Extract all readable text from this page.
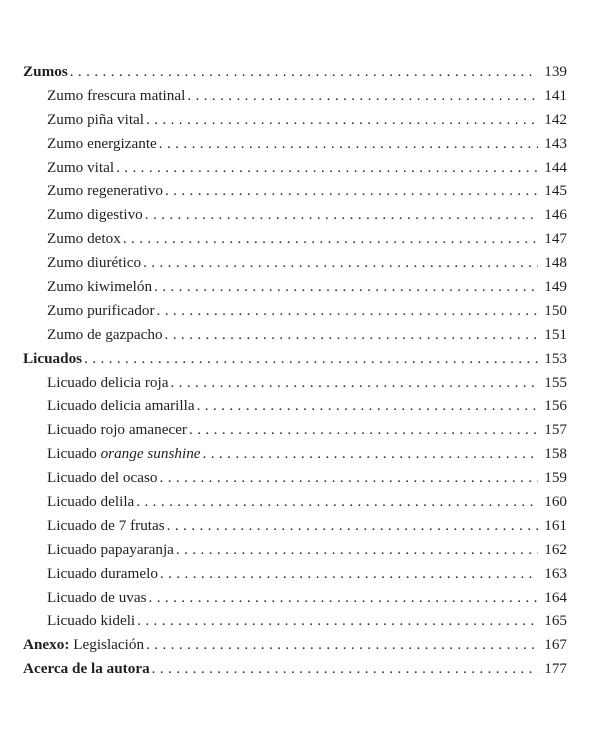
Zumos . . .	139
Zumo frescura matinal . . .	141
Zumo piña vital . . .	142
Zumo energizante . . .	143
Zumo vital . . .	144
Zumo regenerativo . . .	145
Zumo digestivo . . .	146
Zumo detox . . .	147
Zumo diurético . . .	148
Zumo kiwimelón . . .	149
Zumo purificador . . .	150
Zumo de gazpacho . . .	151
Licuados . . .	153
Licuado delicia roja . . .	155
Licuado delicia amarilla . . .	156
Licuado rojo amanecer . . .	157
Licuado orange sunshine . . .	158
Licuado del ocaso . . .	159
Licuado delila . . .	160
Licuado de 7 frutas . . .	161
Licuado papayaranja . . .	162
Licuado duramelo . . .	163
Licuado de uvas . . .	164
Licuado kideli . . .	165
Anexo: Legislación . . .	167
Acerca de la autora . . .	177
